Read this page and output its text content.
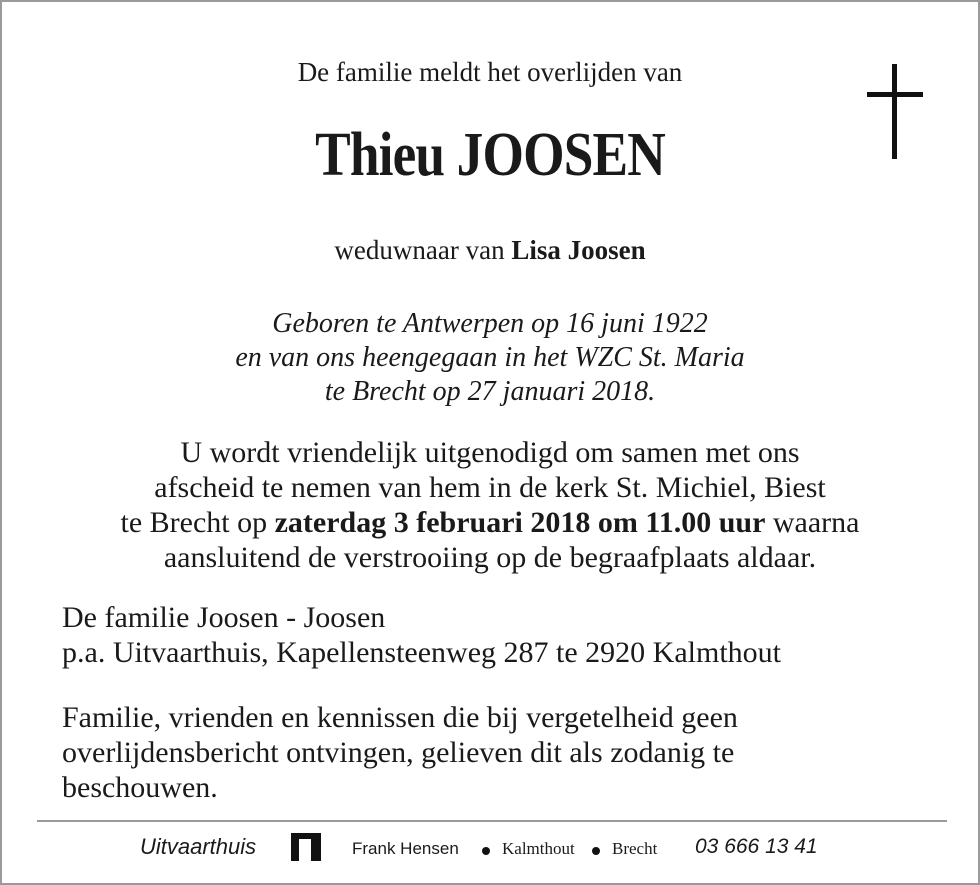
De familie meldt het overlijden van
Thieu JOOSEN
weduwnaar van Lisa Joosen
Geboren te Antwerpen op 16 juni 1922
en van ons heengegaan in het WZC St. Maria
te Brecht op 27 januari 2018.
U wordt vriendelijk uitgenodigd om samen met ons
afscheid te nemen van hem in de kerk St. Michiel, Biest
te Brecht op zaterdag 3 februari 2018 om 11.00 uur waarna
aansluitend de verstrooiing op de begraafplaats aldaar.
De familie Joosen - Joosen
p.a. Uitvaarthuis, Kapellensteenweg 287 te 2920 Kalmthout
Familie, vrienden en kennissen die bij vergetelheid geen
overlijdensbericht ontvingen, gelieven dit als zodanig te
beschouwen.
Uitvaarthuis	Frank Hensen	Kalmthout Brecht 03 666 13 41
